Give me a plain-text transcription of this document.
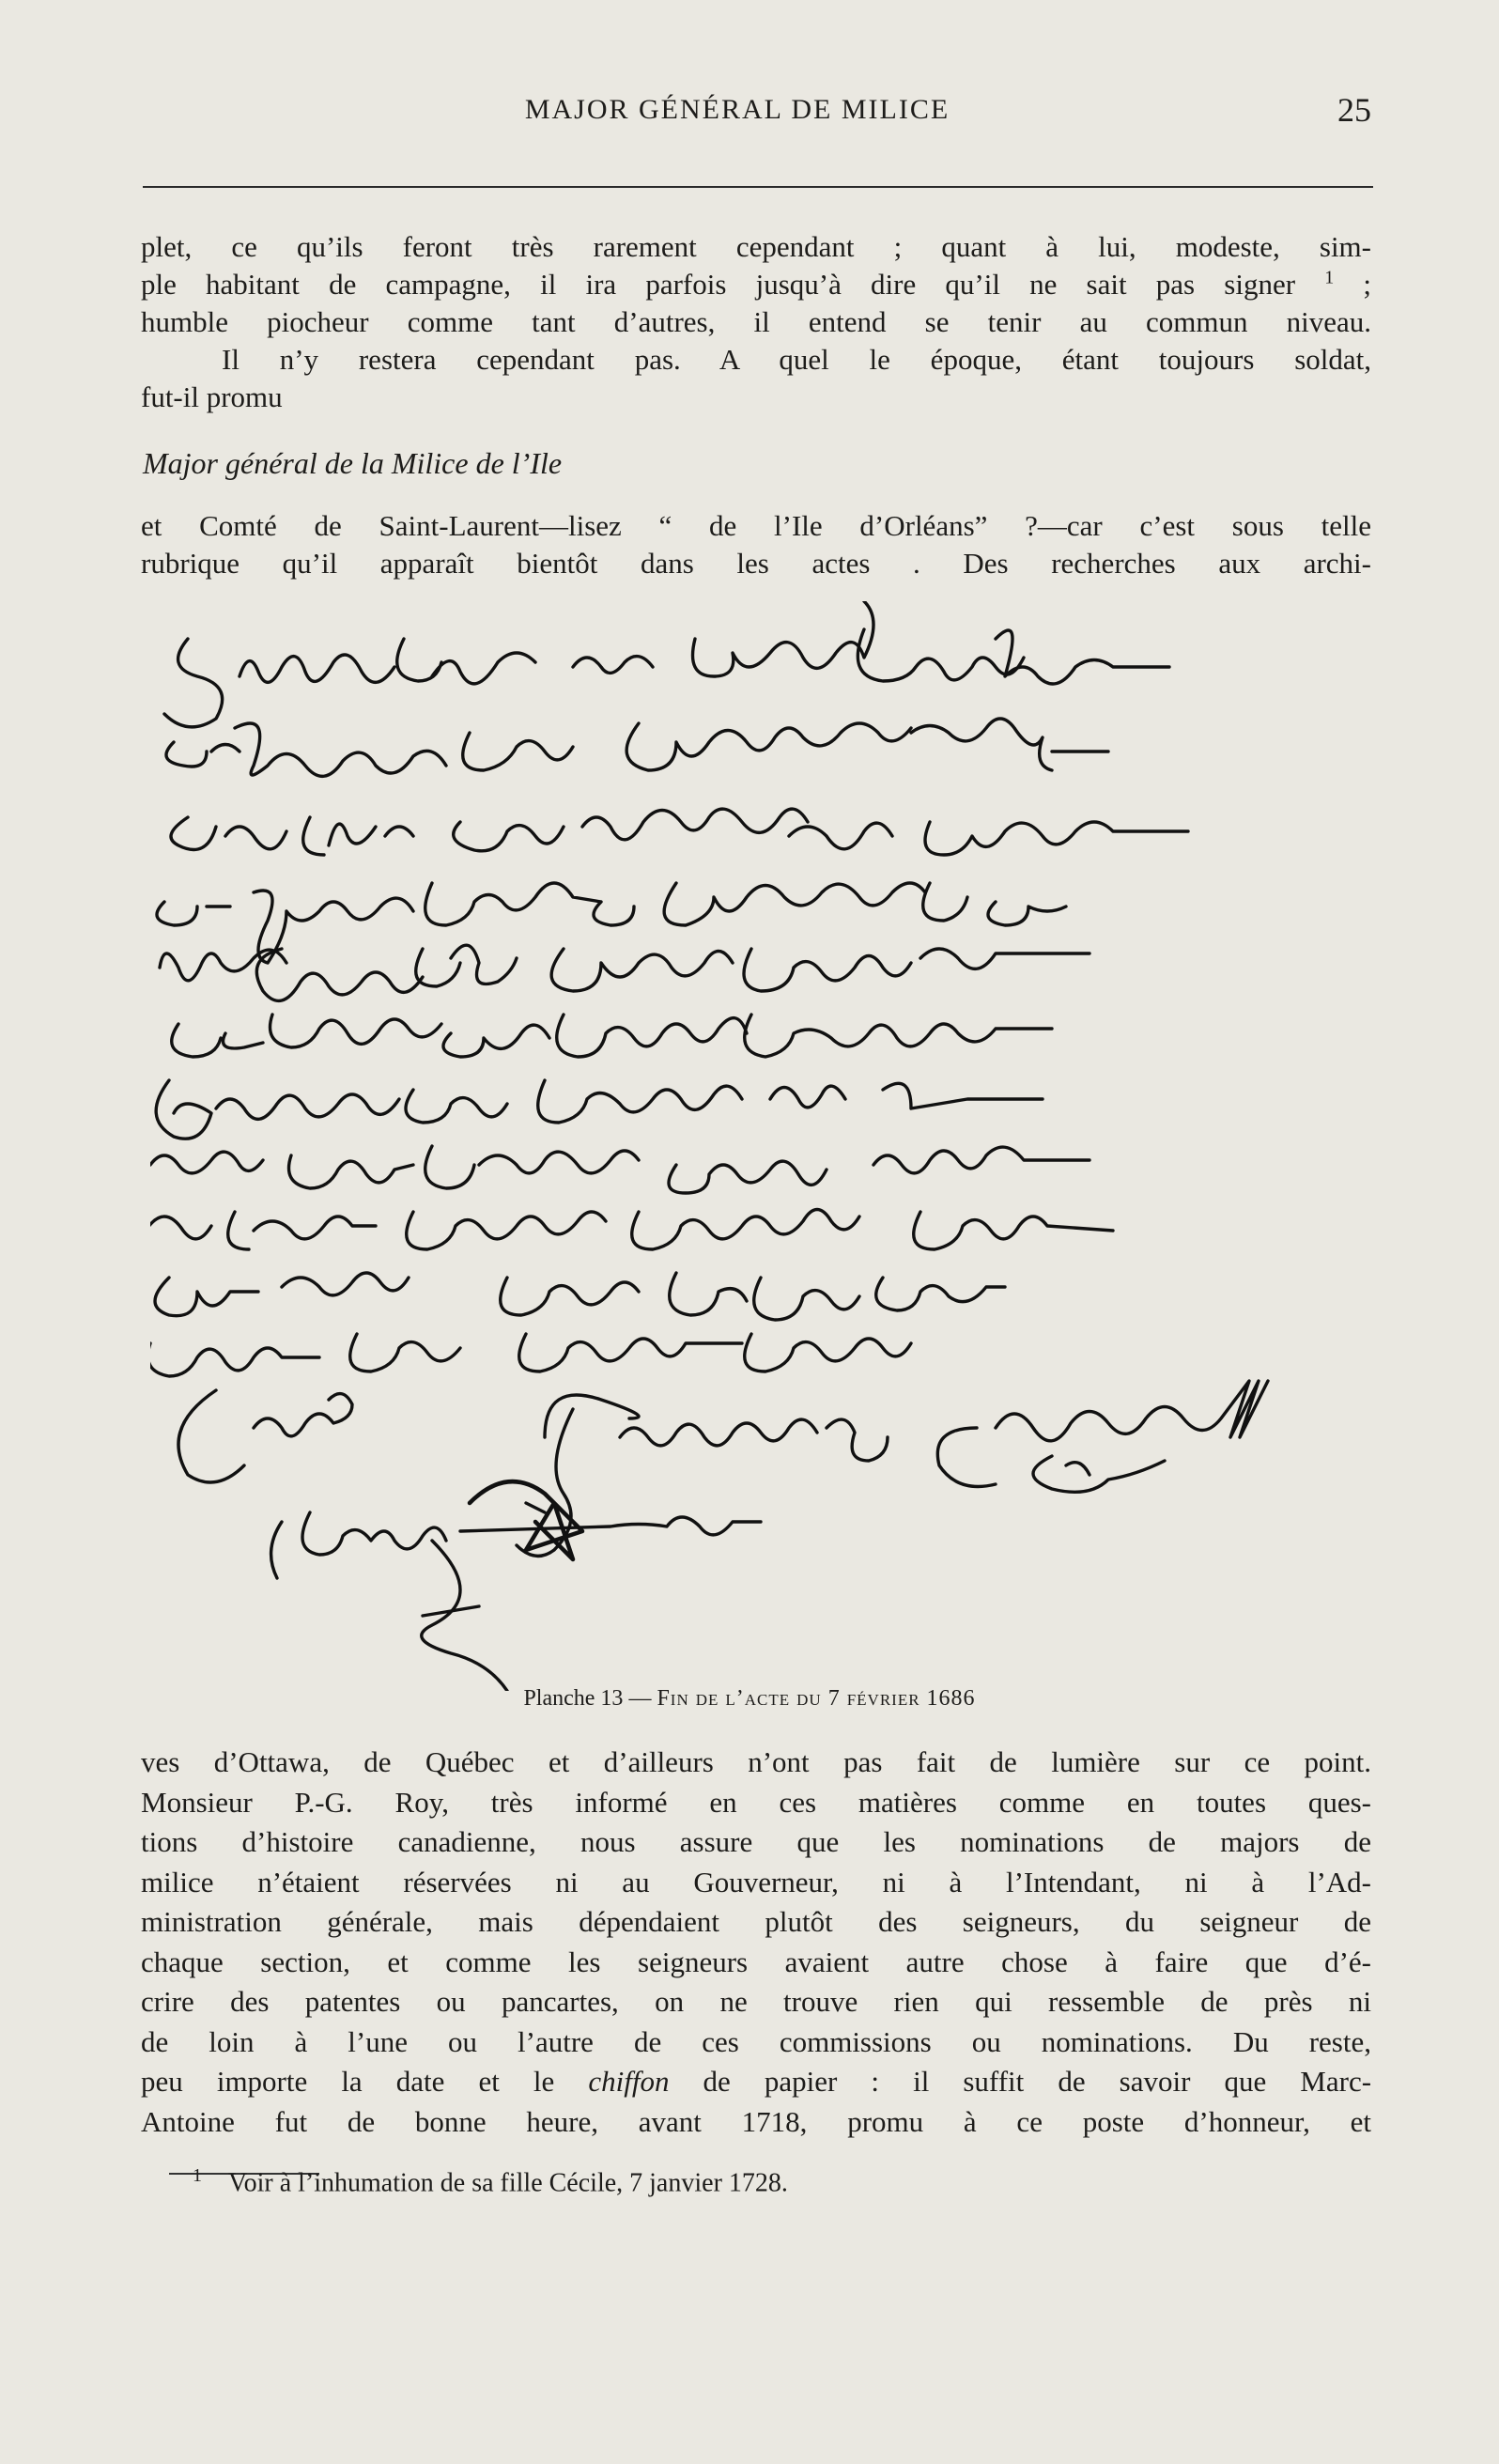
MAJOR GÉNÉRAL DE MILICE	25

plet, ce qu’ils feront très rarement cependant ; quant à lui, modeste, sim-

ple habitant de campagne, il ira parfois jusqu’à dire qu’il ne sait pas signer $^1$ ;

humble piocheur comme tant d’autres, il entend se tenir au commun niveau.

Il n’y restera cependant pas. A quel le époque, étant toujours soldat,

fut-il promu

Major général de la Milice de l’Ile

et Comté de Saint-Laurent—lisez “ de l’Ile d’Orléans” ?—car c’est sous telle

rubrique qu’il apparaît bientôt dans les actes . Des recherches aux archi-

Planche 13 — Fin de l’acte du 7 février 1686

ves d’Ottawa, de Québec et d’ailleurs n’ont pas fait de lumière sur ce point.

Monsieur P.-G. Roy, très informé en ces matières comme en toutes ques-

tions d’histoire canadienne, nous assure que les nominations de majors de

milice n’étaient réservées ni au Gouverneur, ni à l’Intendant, ni à l’Ad-

ministration générale, mais dépendaient plutôt des seigneurs, du seigneur de

chaque section, et comme les seigneurs avaient autre chose à faire que d’é-

crire des patentes ou pancartes, on ne trouve rien qui ressemble de près ni

de loin à l’une ou l’autre de ces commissions ou nominations. Du reste,

peu importe la date et le chiffon de papier : il suffit de savoir que Marc-

Antoine fut de bonne heure, avant 1718, promu à ce poste d’honneur, et

$^1$ Voir à l’inhumation de sa fille Cécile, 7 janvier 1728.
